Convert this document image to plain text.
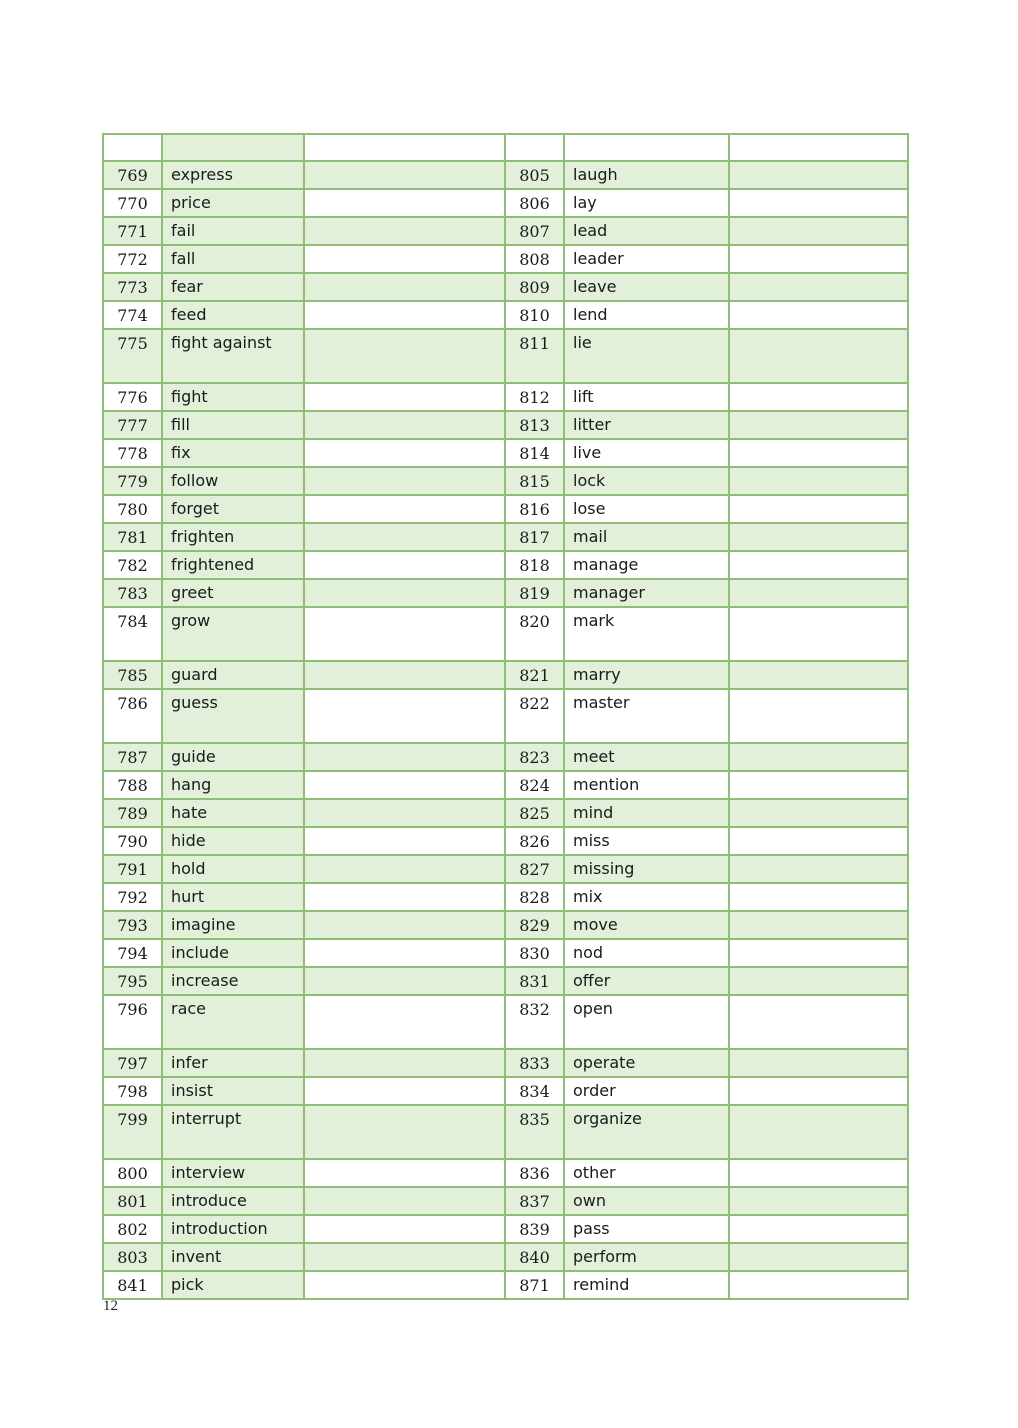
769	express		805	laugh	
770	price		806	lay	
771	fail		807	lead	
772	fall		808	leader	
773	fear		809	leave	
774	feed		810	lend	
775	fight against		811	lie	
776	fight		812	lift	
777	fill		813	litter	
778	fix		814	live	
779	follow		815	lock	
780	forget		816	lose	
781	frighten		817	mail	
782	frightened		818	manage	
783	greet		819	manager	
784	grow		820	mark	
785	guard		821	marry	
786	guess		822	master	
787	guide		823	meet	
788	hang		824	mention	
789	hate		825	mind	
790	hide		826	miss	
791	hold		827	missing	
792	hurt		828	mix	
793	imagine		829	move	
794	include		830	nod	
795	increase		831	offer	
796	race		832	open	
797	infer		833	operate	
798	insist		834	order	
799	interrupt		835	organize	
800	interview		836	other	
801	introduce		837	own	
802	introduction		839	pass	
803	invent		840	perform	
841	pick		871	remind	
12
